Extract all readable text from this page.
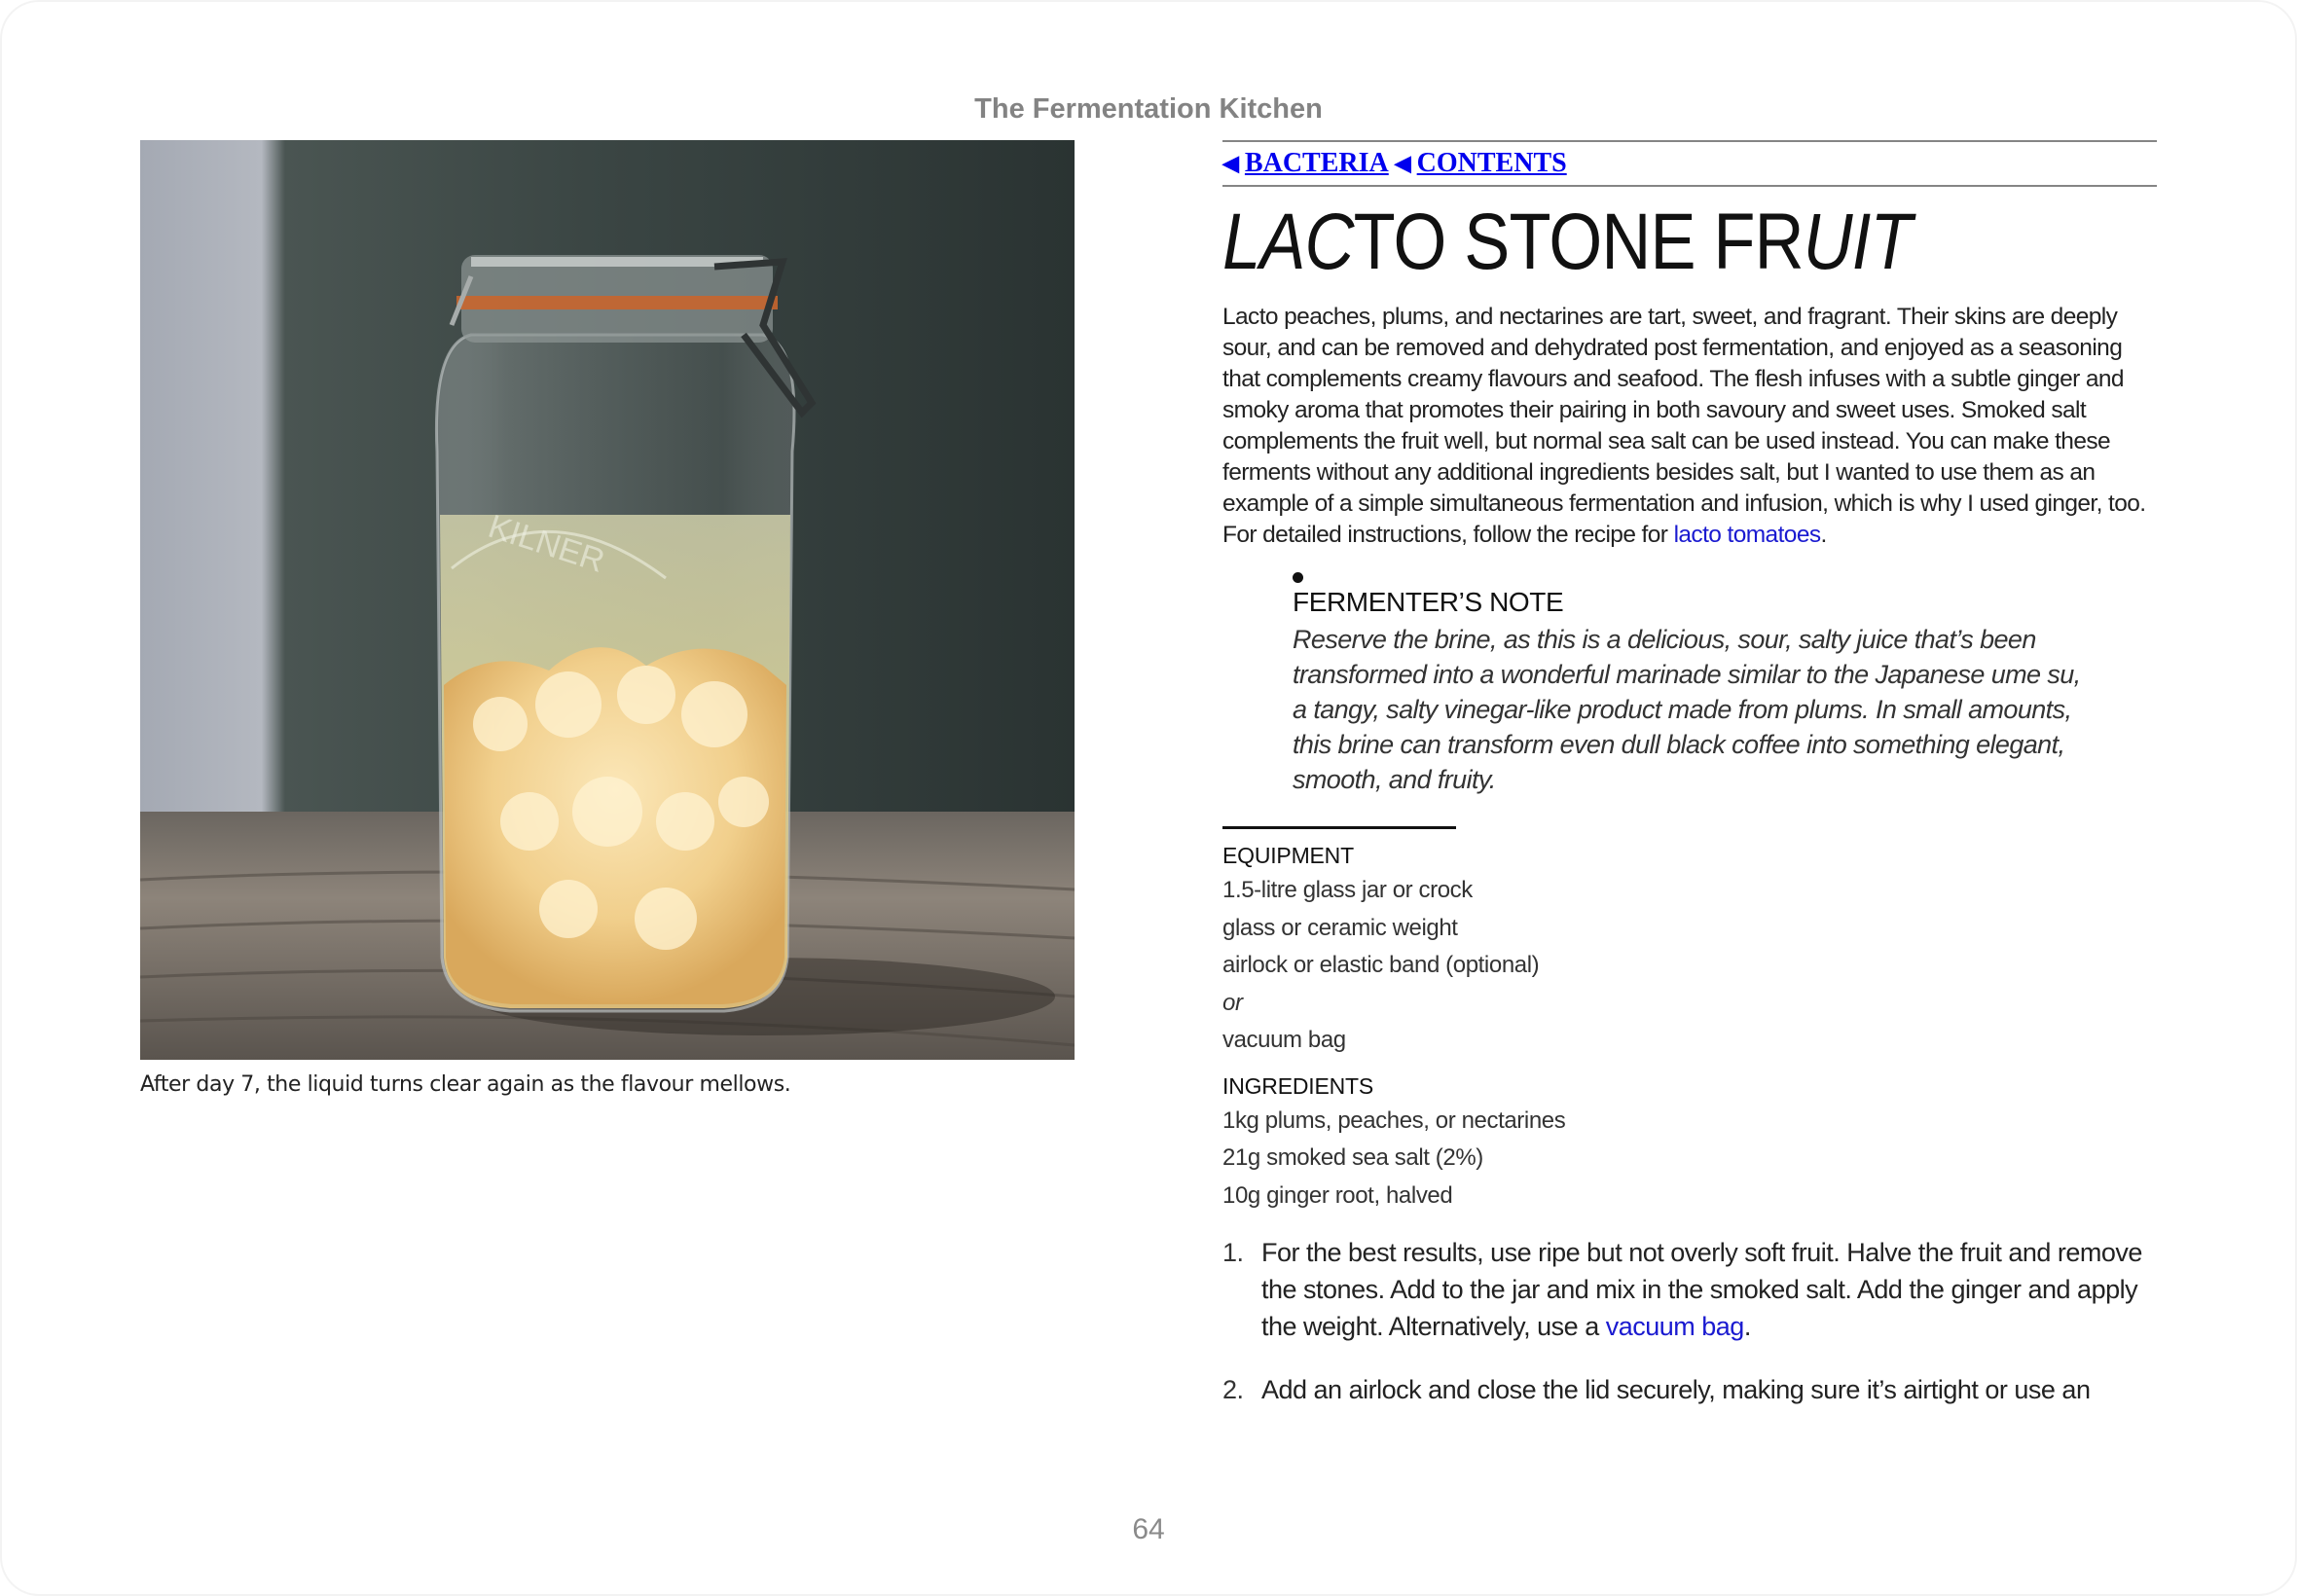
The Fermentation Kitchen
KILNER
After day 7, the liquid turns clear again as the flavour mellows.
◀ BACTERIA ◀ CONTENTS
LACTO STONE FRUIT
Lacto peaches, plums, and nectarines are tart, sweet, and fragrant. Their skins are deeply sour, and can be removed and dehydrated post fermentation, and enjoyed as a seasoning that complements creamy flavours and seafood. The flesh infuses with a subtle ginger and smoky aroma that promotes their pairing in both savoury and sweet uses. Smoked salt complements the fruit well, but normal sea salt can be used instead. You can make these ferments without any additional ingredients besides salt, but I wanted to use them as an example of a simple simultaneous fermentation and infusion, which is why I used ginger, too. For detailed instructions, follow the recipe for lacto tomatoes.
FERMENTER’S NOTE

Reserve the brine, as this is a delicious, sour, salty juice that’s been transformed into a wonderful marinade similar to the Japanese ume su, a tangy, salty vinegar-like product made from plums. In small amounts, this brine can transform even dull black coffee into something elegant, smooth, and fruity.

EQUIPMENT
1.5-litre glass jar or crock
glass or ceramic weight
airlock or elastic band (optional)
or
vacuum bag
INGREDIENTS
1kg plums, peaches, or nectarines
21g smoked sea salt (2%)
10g ginger root, halved
1. For the best results, use ripe but not overly soft fruit. Halve the fruit and remove the stones. Add to the jar and mix in the smoked salt. Add the ginger and apply the weight. Alternatively, use a vacuum bag.
2. Add an airlock and close the lid securely, making sure it’s airtight or use an
64
